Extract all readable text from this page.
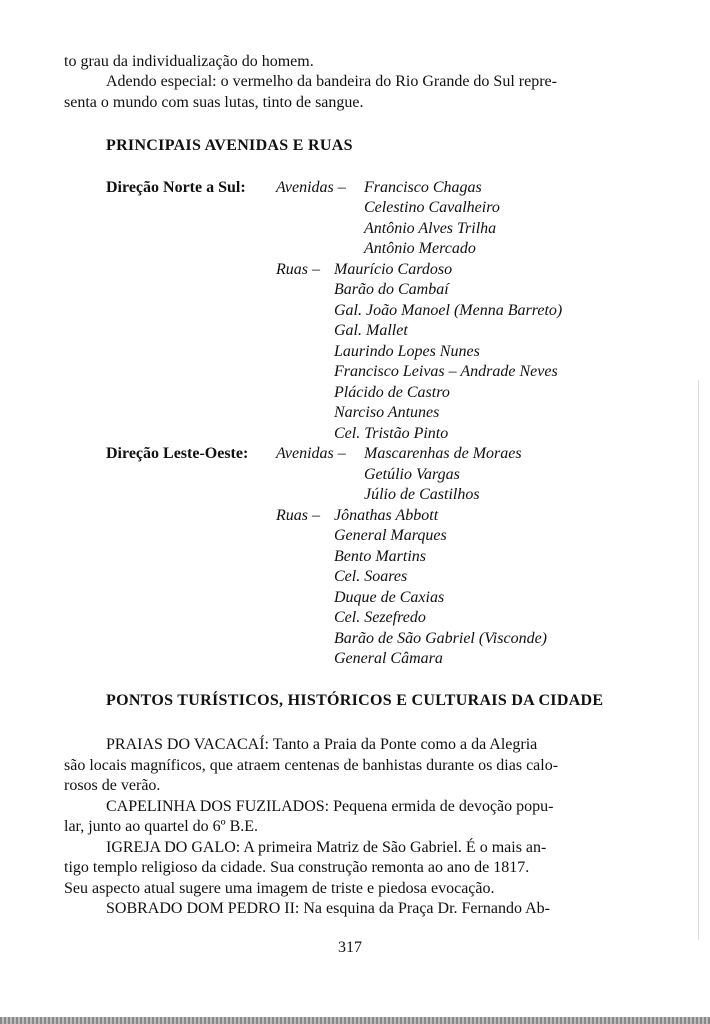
to grau da individualização do homem.
Adendo especial: o vermelho da bandeira do Rio Grande do Sul repre-
senta o mundo com suas lutas, tinto de sangue.
PRINCIPAIS AVENIDAS E RUAS
Direção Norte a Sul: Avenidas – Francisco Chagas
Celestino Cavalheiro
Antônio Alves Trilha
Antônio Mercado
Ruas – Maurício Cardoso
Barão do Cambaí
Gal. João Manoel (Menna Barreto)
Gal. Mallet
Laurindo Lopes Nunes
Francisco Leivas – Andrade Neves
Plácido de Castro
Narciso Antunes
Cel. Tristão Pinto
Direção Leste-Oeste: Avenidas – Mascarenhas de Moraes
Getúlio Vargas
Júlio de Castilhos
Ruas – Jônathas Abbott
General Marques
Bento Martins
Cel. Soares
Duque de Caxias
Cel. Sezefredo
Barão de São Gabriel (Visconde)
General Câmara
PONTOS TURÍSTICOS, HISTÓRICOS E CULTURAIS DA CIDADE
PRAIAS DO VACACAÍ: Tanto a Praia da Ponte como a da Alegria
são locais magníficos, que atraem centenas de banhistas durante os dias calo-
rosos de verão.
CAPELINHA DOS FUZILADOS: Pequena ermida de devoção popu-
lar, junto ao quartel do 6º B.E.
IGREJA DO GALO: A primeira Matriz de São Gabriel. É o mais an-
tigo templo religioso da cidade. Sua construção remonta ao ano de 1817.
Seu aspecto atual sugere uma imagem de triste e piedosa evocação.
SOBRADO DOM PEDRO II: Na esquina da Praça Dr. Fernando Ab-
317
